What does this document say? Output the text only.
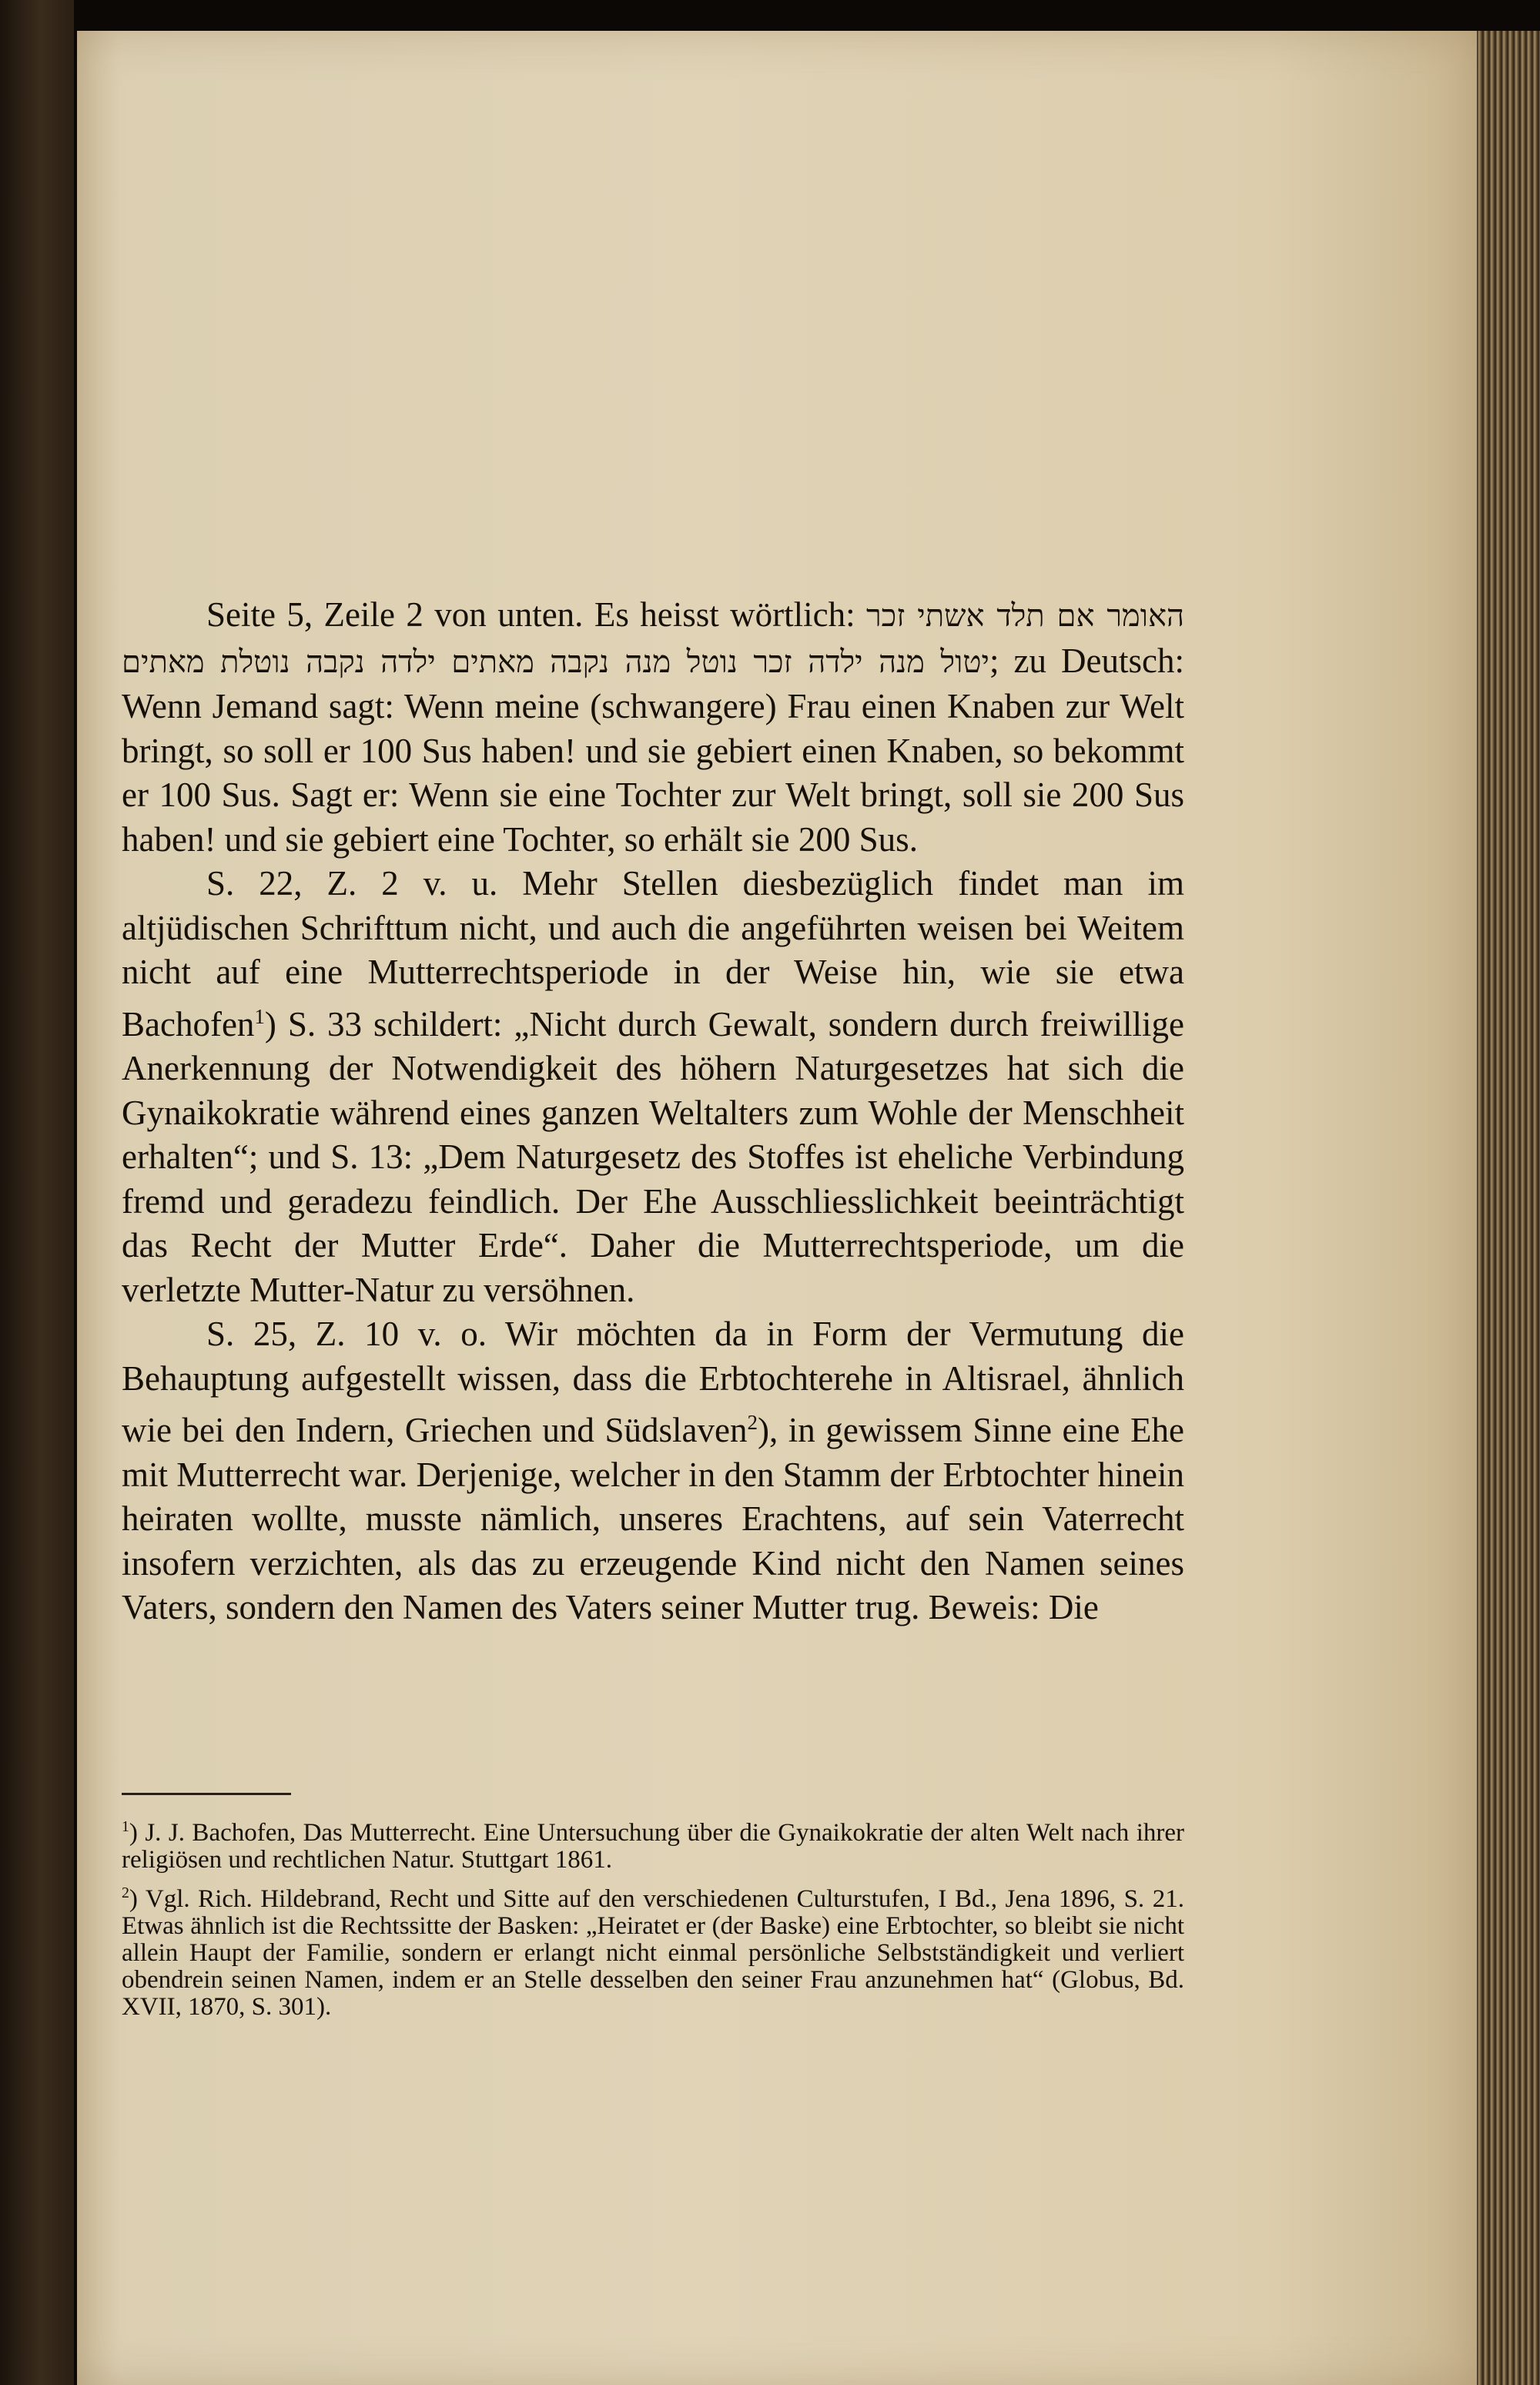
Seite 5, Zeile 2 von unten. Es heisst wörtlich: האומר אם תלד אשתי זכר יטול מנה ילדה זכר נוטל מנה נקבה מאתים ילדה נקבה נוטלת מאתים; zu Deutsch: Wenn Jemand sagt: Wenn meine (schwangere) Frau einen Knaben zur Welt bringt, so soll er 100 Sus haben! und sie gebiert einen Knaben, so bekommt er 100 Sus. Sagt er: Wenn sie eine Tochter zur Welt bringt, soll sie 200 Sus haben! und sie gebiert eine Tochter, so erhält sie 200 Sus.

S. 22, Z. 2 v. u. Mehr Stellen diesbezüglich findet man im altjüdischen Schrifttum nicht, und auch die angeführten weisen bei Weitem nicht auf eine Mutterrechtsperiode in der Weise hin, wie sie etwa Bachofen$^1$) S. 33 schildert: „Nicht durch Gewalt, sondern durch freiwillige Anerkennung der Notwendigkeit des höhern Naturgesetzes hat sich die Gynaikokratie während eines ganzen Weltalters zum Wohle der Menschheit erhalten“; und S. 13: „Dem Naturgesetz des Stoffes ist eheliche Verbindung fremd und geradezu feindlich. Der Ehe Ausschliesslichkeit beeinträchtigt das Recht der Mutter Erde“. Daher die Mutterrechtsperiode, um die verletzte Mutter-Natur zu versöhnen.

S. 25, Z. 10 v. o. Wir möchten da in Form der Vermutung die Behauptung aufgestellt wissen, dass die Erbtochterehe in Altisrael, ähnlich wie bei den Indern, Griechen und Südslaven$^2$), in gewissem Sinne eine Ehe mit Mutterrecht war. Derjenige, welcher in den Stamm der Erbtochter hinein heiraten wollte, musste nämlich, unseres Erachtens, auf sein Vaterrecht insofern verzichten, als das zu erzeugende Kind nicht den Namen seines Vaters, sondern den Namen des Vaters seiner Mutter trug. Beweis: Die

$^1$) J. J. Bachofen, Das Mutterrecht. Eine Untersuchung über die Gynaikokratie der alten Welt nach ihrer religiösen und rechtlichen Natur. Stuttgart 1861.

$^2$) Vgl. Rich. Hildebrand, Recht und Sitte auf den verschiedenen Culturstufen, I Bd., Jena 1896, S. 21. Etwas ähnlich ist die Rechtssitte der Basken: „Heiratet er (der Baske) eine Erbtochter, so bleibt sie nicht allein Haupt der Familie, sondern er erlangt nicht einmal persönliche Selbstständigkeit und verliert obendrein seinen Namen, indem er an Stelle desselben den seiner Frau anzunehmen hat“ (Globus, Bd. XVII, 1870, S. 301).
